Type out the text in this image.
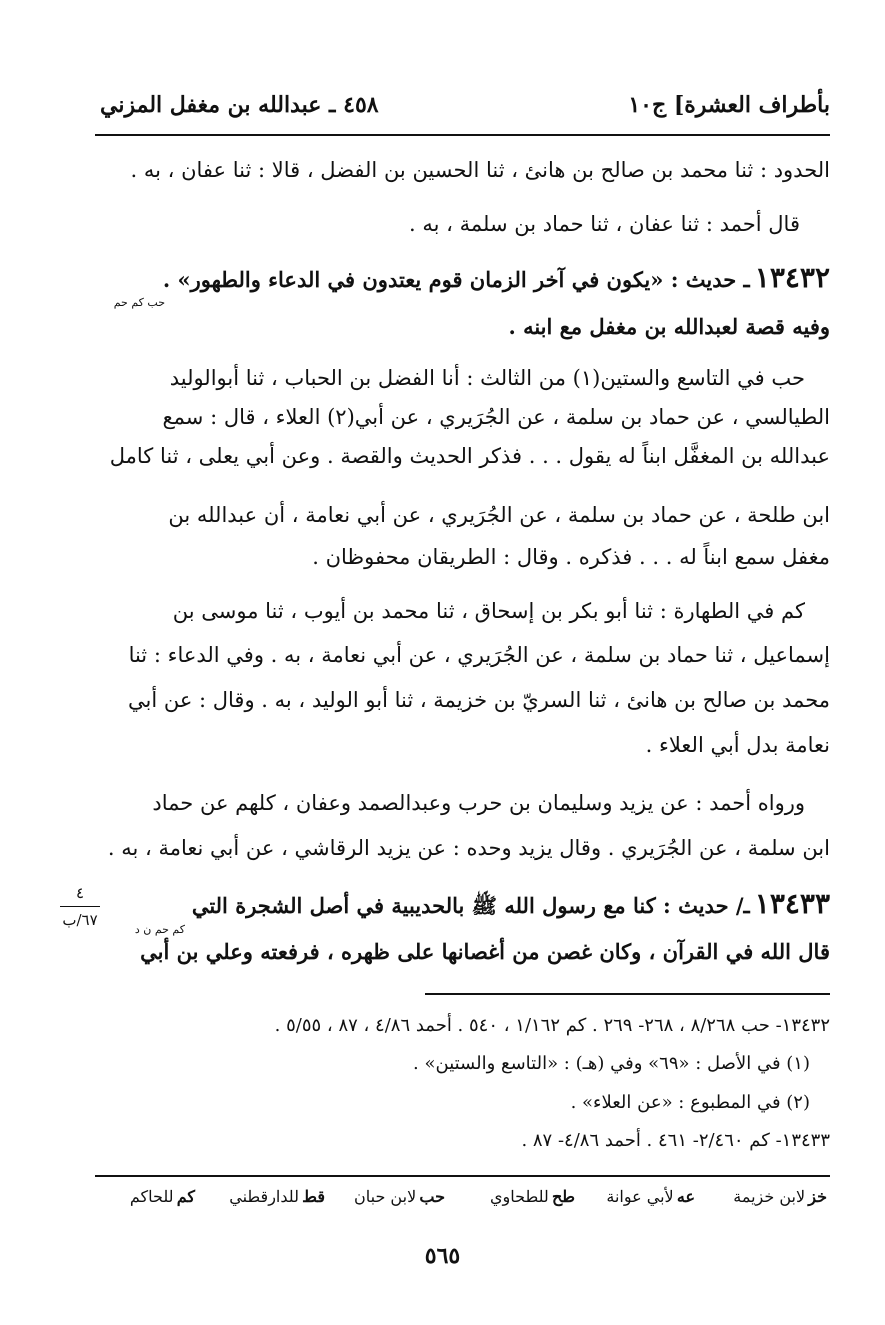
بأطراف العشرة] ج١٠
٤٥٨ ـ عبدالله بن مغفل المزني
الحدود : ثنا محمد بن صالح بن هانئ ، ثنا الحسين بن الفضل ، قالا : ثنا عفان ، به .
قال أحمد : ثنا عفان ، ثنا حماد بن سلمة ، به .
١٣٤٣٢ ـ حديث : «يكون في آخر الزمان قوم يعتدون في الدعاء والطهور» .
حب كم حم
وفيه قصة لعبدالله بن مغفل مع ابنه .
حب في التاسع والستين(١) من الثالث : أنا الفضل بن الحباب ، ثنا أبوالوليد
الطيالسي ، عن حماد بن سلمة ، عن الجُرَيري ، عن أبي(٢) العلاء ، قال : سمع
عبدالله بن المغفَّل ابناً له يقول . . . فذكر الحديث والقصة . وعن أبي يعلى ، ثنا كامل
ابن طلحة ، عن حماد بن سلمة ، عن الجُرَيري ، عن أبي نعامة ، أن عبدالله بن
مغفل سمع ابناً له . . . فذكره . وقال : الطريقان محفوظان .
كم في الطهارة : ثنا أبو بكر بن إسحاق ، ثنا محمد بن أيوب ، ثنا موسى بن
إسماعيل ، ثنا حماد بن سلمة ، عن الجُرَيري ، عن أبي نعامة ، به . وفي الدعاء : ثنا
محمد بن صالح بن هانئ ، ثنا السريّ بن خزيمة ، ثنا أبو الوليد ، به . وقال : عن أبي
نعامة بدل أبي العلاء .
ورواه أحمد : عن يزيد وسليمان بن حرب وعبدالصمد وعفان ، كلهم عن حماد
ابن سلمة ، عن الجُرَيري . وقال يزيد وحده : عن يزيد الرقاشي ، عن أبي نعامة ، به .
١٣٤٣٣ ـ/ حديث : كنا مع رسول الله ﷺ بالحديبية في أصل الشجرة التي
كم حم ن د
قال الله في القرآن ، وكان غصن من أغصانها على ظهره ، فرفعته وعلي بن أبي
٤
٦٧/ب
١٣٤٣٢- حب ٨/٢٦٨ ، ٢٦٨- ٢٦٩ . كم ١/١٦٢ ، ٥٤٠ . أحمد ٤/٨٦ ، ٨٧ ، ٥/٥٥ .
(١) في الأصل : «٦٩» وفي (هـ) : «التاسع والستين» .
(٢) في المطبوع : «عن العلاء» .
١٣٤٣٣- كم ٢/٤٦٠- ٤٦١ . أحمد ٤/٨٦- ٨٧ .
خز لابن خزيمة
عه لأبي عوانة
طح للطحاوي
حب لابن حبان
قط للدارقطني
كم للحاكم
٥٦٥
